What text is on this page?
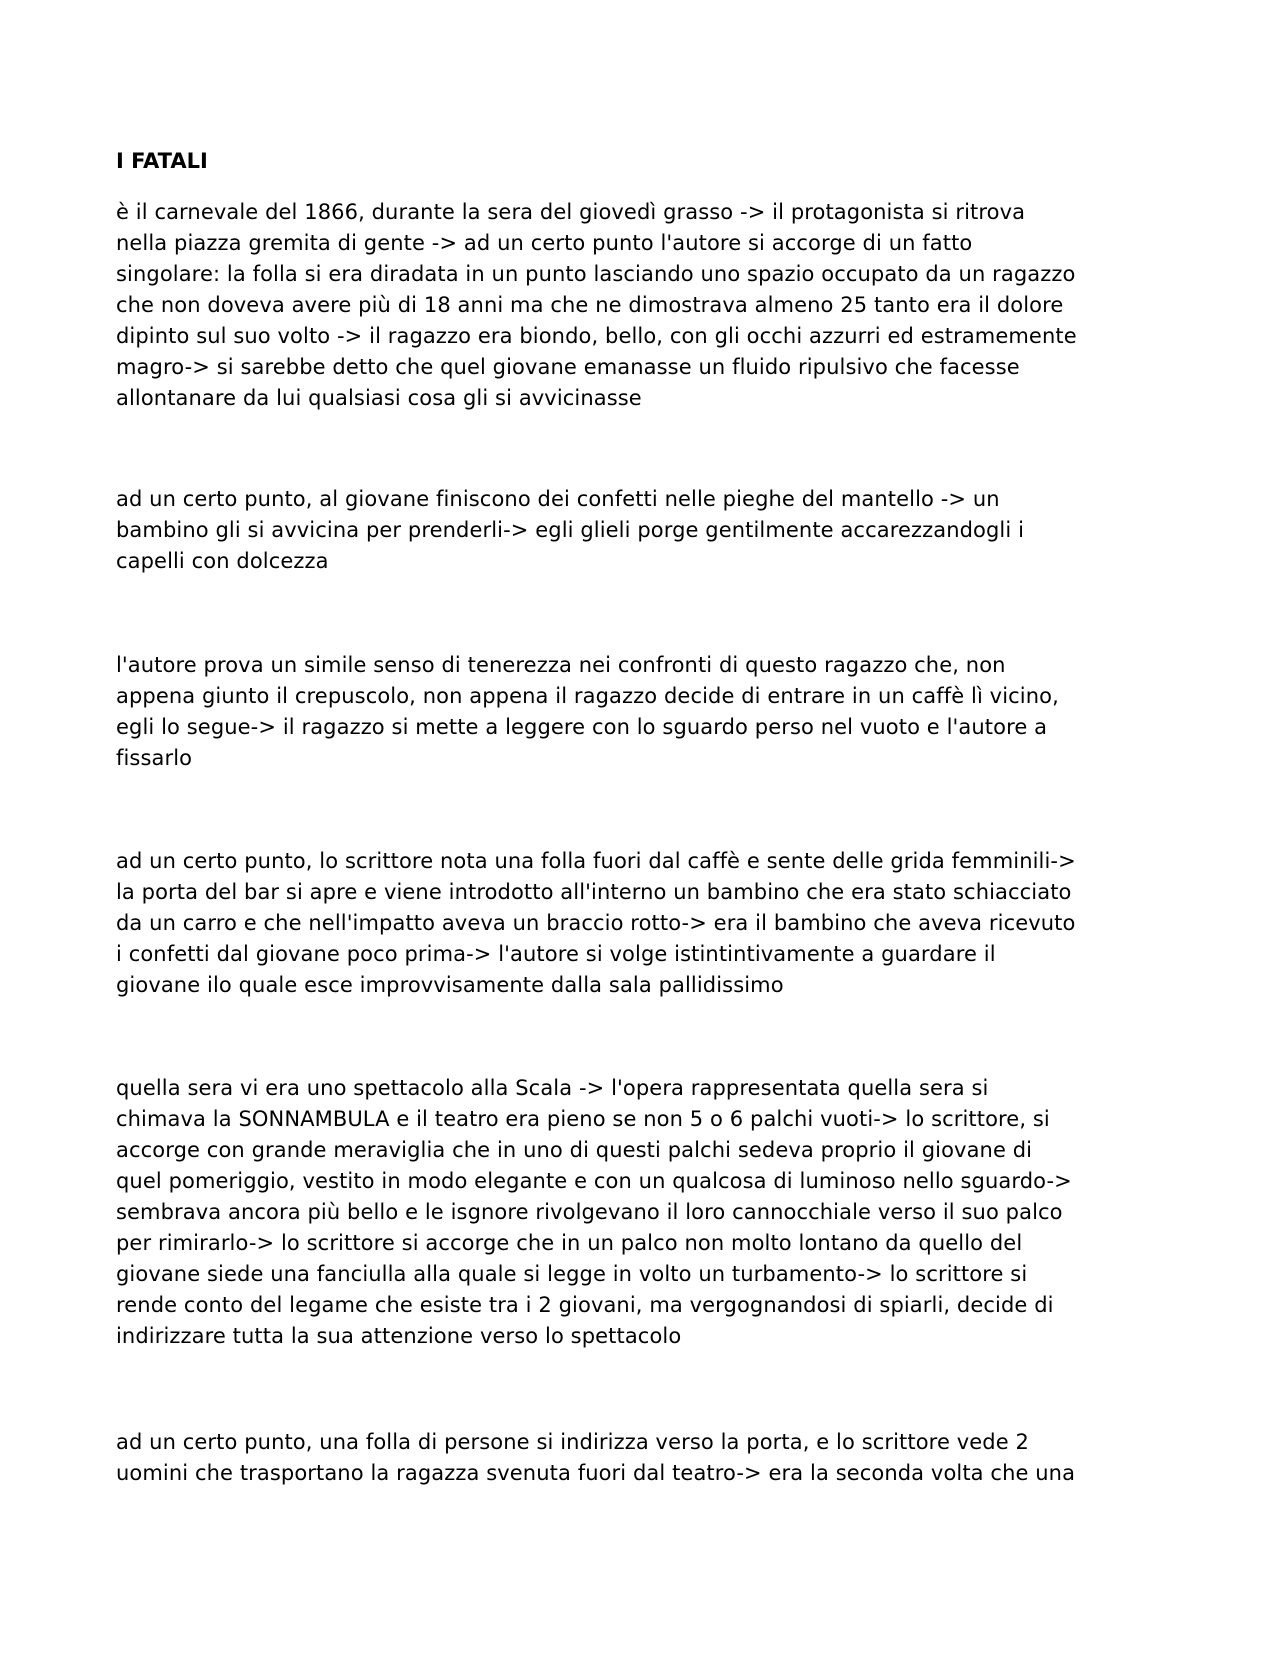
I FATALI

è il carnevale del 1866, durante la sera del giovedì grasso -> il protagonista si ritrova
nella piazza gremita di gente -> ad un certo punto l'autore si accorge di un fatto
singolare: la folla si era diradata in un punto lasciando uno spazio occupato da un ragazzo
che non doveva avere più di 18 anni ma che ne dimostrava almeno 25 tanto era il dolore
dipinto sul suo volto -> il ragazzo era biondo, bello, con gli occhi azzurri ed estramemente
magro-> si sarebbe detto che quel giovane emanasse un fluido ripulsivo che facesse
allontanare da lui qualsiasi cosa gli si avvicinasse

ad un certo punto, al giovane finiscono dei confetti nelle pieghe del mantello -> un
bambino gli si avvicina per prenderli-> egli glieli porge gentilmente accarezzandogli i
capelli con dolcezza

l'autore prova un simile senso di tenerezza nei confronti di questo ragazzo che, non
appena giunto il crepuscolo, non appena il ragazzo decide di entrare in un caffè lì vicino,
egli lo segue-> il ragazzo si mette a leggere con lo sguardo perso nel vuoto e l'autore a
fissarlo

ad un certo punto, lo scrittore nota una folla fuori dal caffè e sente delle grida femminili->
la porta del bar si apre e viene introdotto all'interno un bambino che era stato schiacciato
da un carro e che nell'impatto aveva un braccio rotto-> era il bambino che aveva ricevuto
i confetti dal giovane poco prima-> l'autore si volge istintintivamente a guardare il
giovane ilo quale esce improvvisamente dalla sala pallidissimo

quella sera vi era uno spettacolo alla Scala -> l'opera rappresentata quella sera si
chimava la SONNAMBULA e il teatro era pieno se non 5 o 6 palchi vuoti-> lo scrittore, si
accorge con grande meraviglia che in uno di questi palchi sedeva proprio il giovane di
quel pomeriggio, vestito in modo elegante e con un qualcosa di luminoso nello sguardo->
sembrava ancora più bello e le isgnore rivolgevano il loro cannocchiale verso il suo palco
per rimirarlo-> lo scrittore si accorge che in un palco non molto lontano da quello del
giovane siede una fanciulla alla quale si legge in volto un turbamento-> lo scrittore si
rende conto del legame che esiste tra i 2 giovani, ma vergognandosi di spiarli, decide di
indirizzare tutta la sua attenzione verso lo spettacolo

ad un certo punto, una folla di persone si indirizza verso la porta, e lo scrittore vede 2
uomini che trasportano la ragazza svenuta fuori dal teatro-> era la seconda volta che una
